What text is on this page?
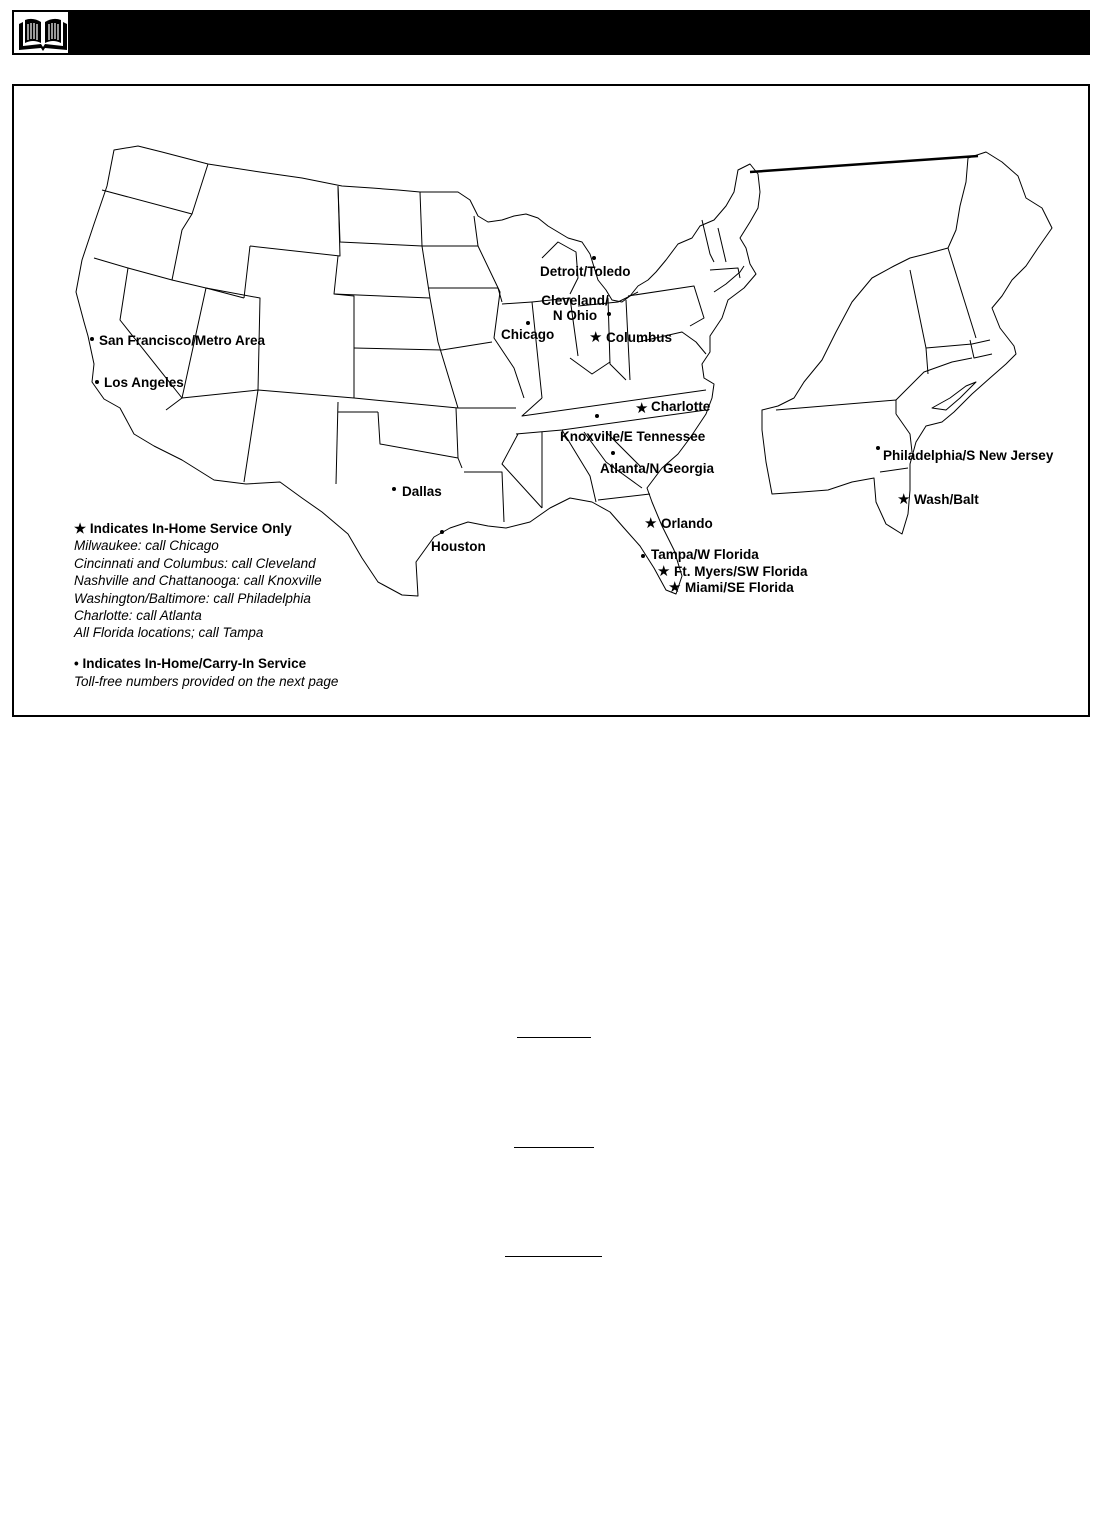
San Francisco/Metro Area
Los Angeles
Detroit/Toledo
Cleveland/
N Ohio
Chicago ★ Columbus
★ Charlotte
Knoxville/E Tennessee
Atlanta/N Georgia
Dallas
Houston
★ Orlando
Tampa/W Florida
★ Ft. Myers/SW Florida
★ Miami/SE Florida
Philadelphia/S New Jersey
★ Wash/Balt
★ Indicates In-Home Service Only
Milwaukee: call Chicago
Cincinnati and Columbus: call Cleveland
Nashville and Chattanooga: call Knoxville
Washington/Baltimore: call Philadelphia
Charlotte: call Atlanta
All Florida locations; call Tampa
• Indicates In-Home/Carry-In Service
Toll-free numbers provided on the next page
